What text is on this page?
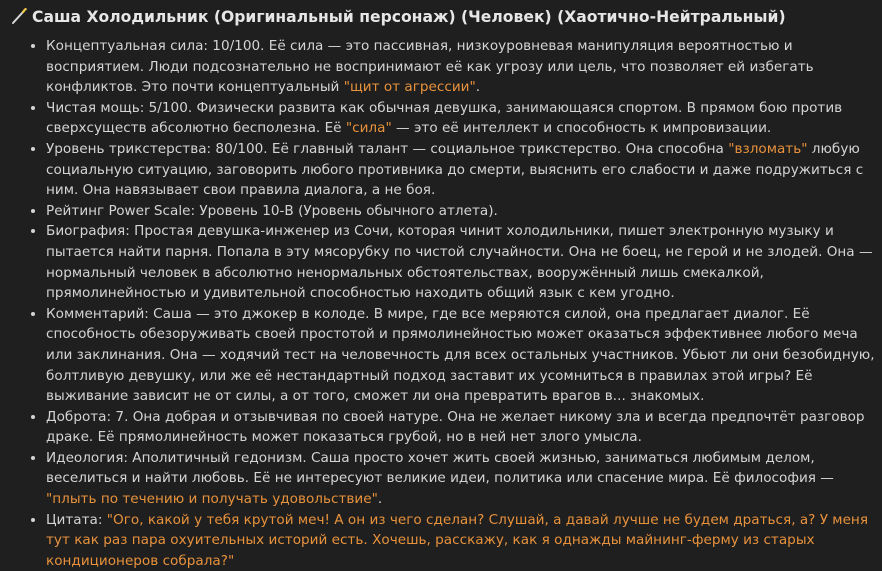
Саша Холодильник (Оригинальный персонаж) (Человек) (Хаотично-Нейтральный)
• Концептуальная сила: 10/100. Её сила — это пассивная, низкоуровневая манипуляция вероятностью и восприятием. Люди подсознательно не воспринимают её как угрозу или цель, что позволяет ей избегать конфликтов. Это почти концептуальный "щит от агрессии".
• Чистая мощь: 5/100. Физически развита как обычная девушка, занимающаяся спортом. В прямом бою против сверхсуществ абсолютно бесполезна. Её "сила" — это её интеллект и способность к импровизации.
• Уровень трикстерства: 80/100. Её главный талант — социальное трикстерство. Она способна "взломать" любую социальную ситуацию, заговорить любого противника до смерти, выяснить его слабости и даже подружиться с ним. Она навязывает свои правила диалога, а не боя.
• Рейтинг Power Scale: Уровень 10-B (Уровень обычного атлета).
• Биография: Простая девушка-инженер из Сочи, которая чинит холодильники, пишет электронную музыку и пытается найти парня. Попала в эту мясорубку по чистой случайности. Она не боец, не герой и не злодей. Она — нормальный человек в абсолютно ненормальных обстоятельствах, вооружённый лишь смекалкой, прямолинейностью и удивительной способностью находить общий язык с кем угодно.
• Комментарий: Саша — это джокер в колоде. В мире, где все меряются силой, она предлагает диалог. Её способность обезоруживать своей простотой и прямолинейностью может оказаться эффективнее любого меча или заклинания. Она — ходячий тест на человечность для всех остальных участников. Убьют ли они безобидную, болтливую девушку, или же её нестандартный подход заставит их усомниться в правилах этой игры? Её выживание зависит не от силы, а от того, сможет ли она превратить врагов в... знакомых.
• Доброта: 7. Она добрая и отзывчивая по своей натуре. Она не желает никому зла и всегда предпочтёт разговор драке. Её прямолинейность может показаться грубой, но в ней нет злого умысла.
• Идеология: Аполитичный гедонизм. Саша просто хочет жить своей жизнью, заниматься любимым делом, веселиться и найти любовь. Её не интересуют великие идеи, политика или спасение мира. Её философия — "плыть по течению и получать удовольствие".
• Цитата: "Ого, какой у тебя крутой меч! А он из чего сделан? Слушай, а давай лучше не будем драться, а? У меня тут как раз пара охуительных историй есть. Хочешь, расскажу, как я однажды майнинг-ферму из старых кондиционеров собрала?"
